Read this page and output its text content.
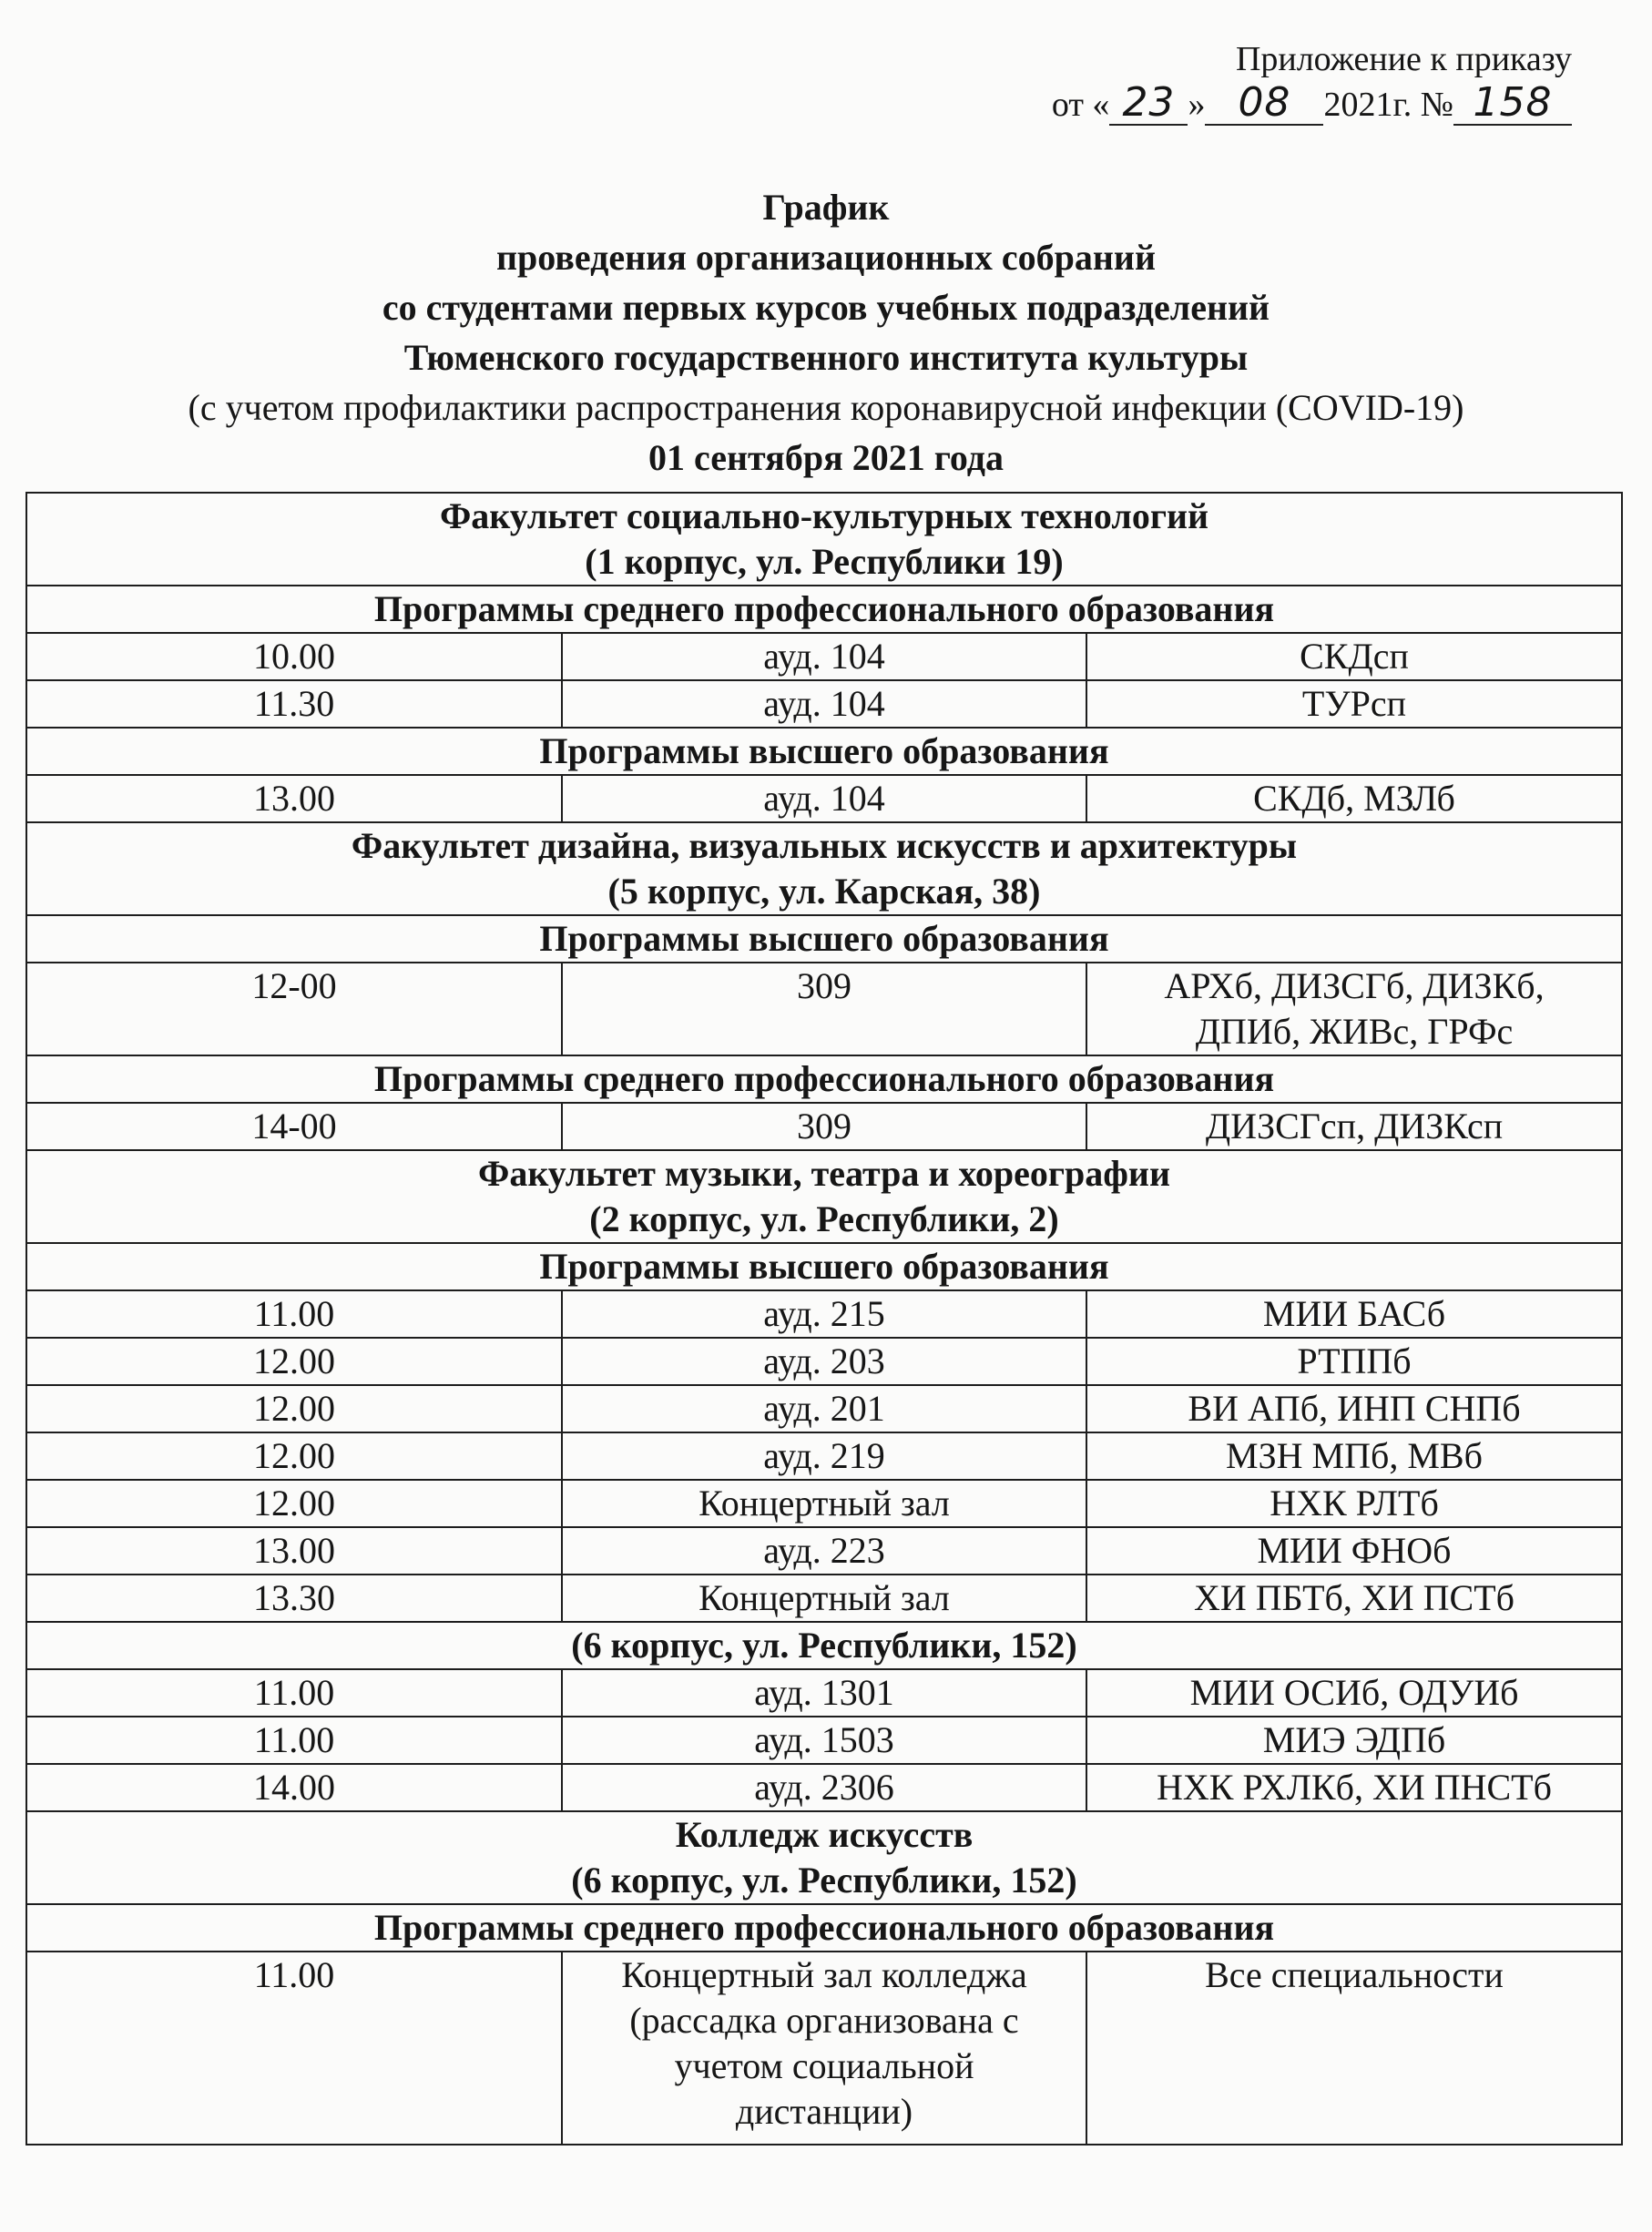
Приложение к приказу
от « 23 » 08 2021г. № 158

График

проведения организационных собраний

со студентами первых курсов учебных подразделений

Тюменского государственного института культуры

(с учетом профилактики распространения коронавирусной инфекции (COVID-19)

01 сентября 2021 года

Факультет социально-культурных технологий
(1 корпус, ул. Республики 19)		

Программы среднего профессионального образования		
10.00	ауд. 104	СКДсп
11.30	ауд. 104	ТУРсп
Программы высшего образования		
13.00	ауд. 104	СКДб, МЗЛб

Факультет дизайна, визуальных искусств и архитектуры
(5 корпус, ул. Карская, 38)		

Программы высшего образования		
12-00	309	АРХб, ДИЗСГб, ДИЗКб,
ДПИб, ЖИВс, ГРФс

Программы среднего профессионального образования		
14-00	309	ДИЗСГсп, ДИЗКсп

Факультет музыки, театра и хореографии
(2 корпус, ул. Республики, 2)		

Программы высшего образования		
11.00	ауд. 215	МИИ БАСб
12.00	ауд. 203	РТППб
12.00	ауд. 201	ВИ АПб, ИНП СНПб
12.00	ауд. 219	МЗН МПб, МВб
12.00	Концертный зал	НХК РЛТб
13.00	ауд. 223	МИИ ФНОб
13.30	Концертный зал	ХИ ПБТб, ХИ ПСТб
(6 корпус, ул. Республики, 152)		
11.00	ауд. 1301	МИИ ОСИб, ОДУИб
11.00	ауд. 1503	МИЭ ЭДПб
14.00	ауд. 2306	НХК РХЛКб, ХИ ПНСТб

Колледж искусств
(6 корпус, ул. Республики, 152)		

Программы среднего профессионального образования		
11.00	Концертный зал колледжа
(рассадка организована с
учетом социальной
дистанции)	Все специальности
